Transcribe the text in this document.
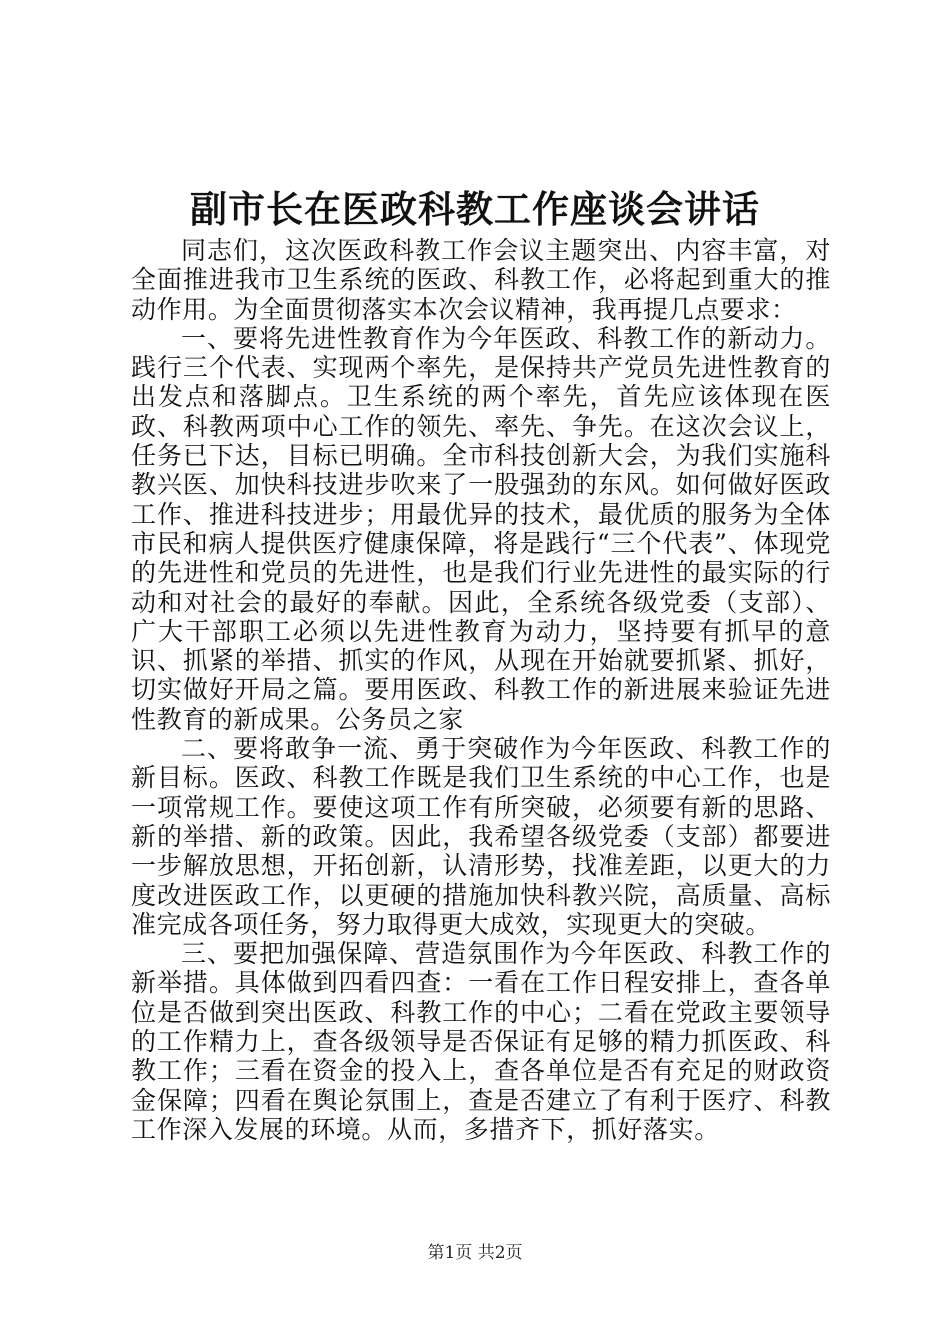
副市长在医政科教工作座谈会讲话

同志们，这次医政科教工作会议主题突出、内容丰富，对全面推进我市卫生系统的医政、科教工作，必将起到重大的推动作用。为全面贯彻落实本次会议精神，我再提几点要求：

一、要将先进性教育作为今年医政、科教工作的新动力。践行三个代表、实现两个率先，是保持共产党员先进性教育的出发点和落脚点。卫生系统的两个率先，首先应该体现在医政、科教两项中心工作的领先、率先、争先。在这次会议上，任务已下达，目标已明确。全市科技创新大会，为我们实施科教兴医、加快科技进步吹来了一股强劲的东风。如何做好医政工作、推进科技进步；用最优异的技术，最优质的服务为全体市民和病人提供医疗健康保障，将是践行“三个代表”、体现党的先进性和党员的先进性，也是我们行业先进性的最实际的行动和对社会的最好的奉献。因此，全系统各级党委（支部）、广大干部职工必须以先进性教育为动力，坚持要有抓早的意识、抓紧的举措、抓实的作风，从现在开始就要抓紧、抓好，切实做好开局之篇。要用医政、科教工作的新进展来验证先进性教育的新成果。公务员之家

二、要将敢争一流、勇于突破作为今年医政、科教工作的新目标。医政、科教工作既是我们卫生系统的中心工作，也是一项常规工作。要使这项工作有所突破，必须要有新的思路、新的举措、新的政策。因此，我希望各级党委（支部）都要进一步解放思想，开拓创新，认清形势，找准差距，以更大的力度改进医政工作，以更硬的措施加快科教兴院，高质量、高标准完成各项任务，努力取得更大成效，实现更大的突破。

三、要把加强保障、营造氛围作为今年医政、科教工作的新举措。具体做到四看四查：一看在工作日程安排上，查各单位是否做到突出医政、科教工作的中心；二看在党政主要领导的工作精力上，查各级领导是否保证有足够的精力抓医政、科教工作；三看在资金的投入上，查各单位是否有充足的财政资金保障；四看在舆论氛围上，查是否建立了有利于医疗、科教工作深入发展的环境。从而，多措齐下，抓好落实。

第1页 共2页
